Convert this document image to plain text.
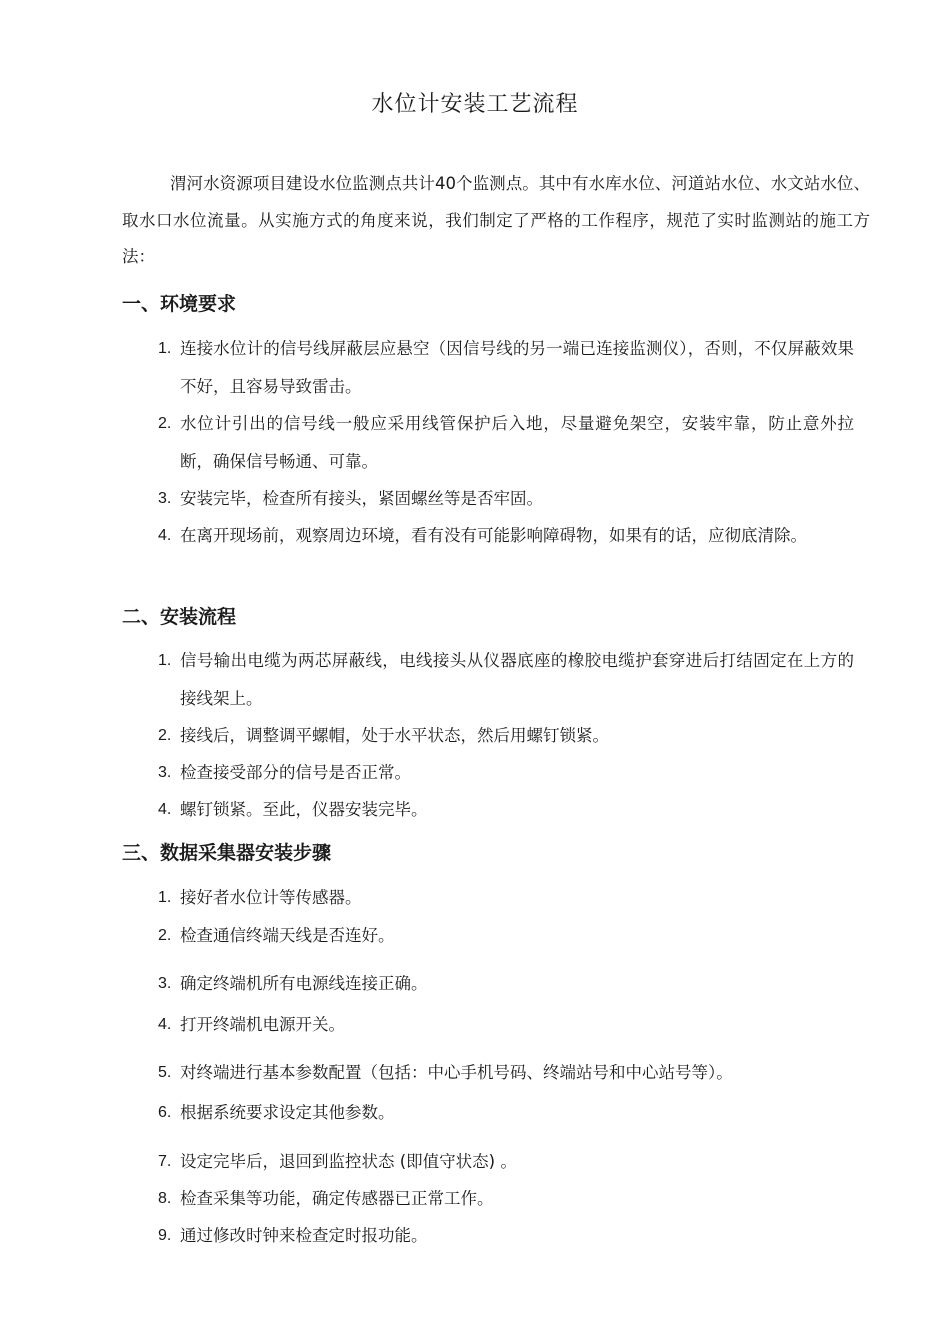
水位计安装工艺流程

渭河水资源项目建设水位监测点共计40个监测点。其中有水库水位、河道站水位、水文站水位、取水口水位流量。从实施方式的角度来说，我们制定了严格的工作程序，规范了实时监测站的施工方法：

一、环境要求
1. 连接水位计的信号线屏蔽层应悬空（因信号线的另一端已连接监测仪），否则，不仅屏蔽效果不好，且容易导致雷击。
2. 水位计引出的信号线一般应采用线管保护后入地，尽量避免架空，安装牢靠，防止意外拉断，确保信号畅通、可靠。
3. 安装完毕，检查所有接头，紧固螺丝等是否牢固。
4. 在离开现场前，观察周边环境，看有没有可能影响障碍物，如果有的话，应彻底清除。
二、安装流程
1. 信号输出电缆为两芯屏蔽线，电线接头从仪器底座的橡胶电缆护套穿进后打结固定在上方的接线架上。
2. 接线后，调整调平螺帽，处于水平状态，然后用螺钉锁紧。
3. 检查接受部分的信号是否正常。
4. 螺钉锁紧。至此，仪器安装完毕。
三、数据采集器安装步骤
1. 接好者水位计等传感器。
2. 检查通信终端天线是否连好。
3. 确定终端机所有电源线连接正确。
4. 打开终端机电源开关。
5. 对终端进行基本参数配置（包括：中心手机号码、终端站号和中心站号等）。
6. 根据系统要求设定其他参数。
7. 设定完毕后，退回到监控状态 (即值守状态) 。
8. 检查采集等功能，确定传感器已正常工作。
9. 通过修改时钟来检查定时报功能。
